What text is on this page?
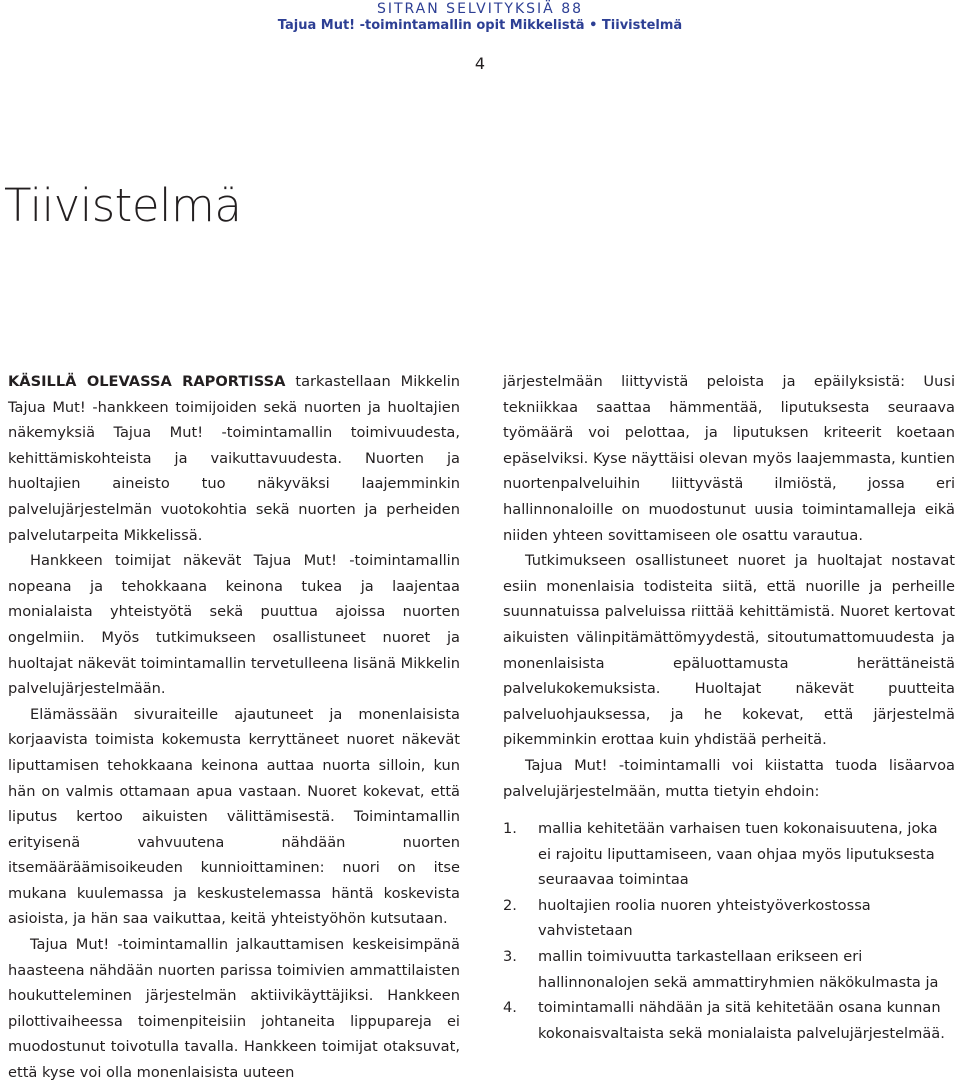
SITRAN SELVITYKSIÄ 88
Tajua Mut! -toimintamallin opit Mikkelistä • Tiivistelmä
4
Tiivistelmä

KÄSILLÄ OLEVASSA RAPORTISSA tarkastellaan Mikkelin Tajua Mut! -hankkeen toimijoiden sekä nuorten ja huoltajien näkemyksiä Tajua Mut! -toimintamallin toimivuudesta, kehittämiskohteista ja vaikuttavuudesta. Nuorten ja huoltajien aineisto tuo näkyväksi laajemminkin palvelujärjestelmän vuotokohtia sekä nuorten ja perheiden palvelutarpeita Mikkelissä.

Hankkeen toimijat näkevät Tajua Mut! -toimintamallin nopeana ja tehokkaana keinona tukea ja laajentaa monialaista yhteistyötä sekä puuttua ajoissa nuorten ongelmiin. Myös tutkimukseen osallistuneet nuoret ja huoltajat näkevät toimintamallin tervetulleena lisänä Mikkelin palvelujärjestelmään.

Elämässään sivuraiteille ajautuneet ja monenlaisista korjaavista toimista kokemusta kerryttäneet nuoret näkevät liputtamisen tehokkaana keinona auttaa nuorta silloin, kun hän on valmis ottamaan apua vastaan. Nuoret kokevat, että liputus kertoo aikuisten välittämisestä. Toimintamallin erityisenä vahvuutena nähdään nuorten itsemääräämisoikeuden kunnioittaminen: nuori on itse mukana kuulemassa ja keskustelemassa häntä koskevista asioista, ja hän saa vaikuttaa, keitä yhteistyöhön kutsutaan.

Tajua Mut! -toimintamallin jalkauttamisen keskeisimpänä haasteena nähdään nuorten parissa toimivien ammattilaisten houkutteleminen järjestelmän aktiivikäyttäjiksi. Hankkeen pilottivaiheessa toimenpiteisiin johtaneita lippupareja ei muodostunut toivotulla tavalla. Hankkeen toimijat otaksuvat, että kyse voi olla monenlaisista uuteen

järjestelmään liittyvistä peloista ja epäilyksistä: Uusi tekniikkaa saattaa hämmentää, liputuksesta seuraava työmäärä voi pelottaa, ja liputuksen kriteerit koetaan epäselviksi. Kyse näyttäisi olevan myös laajemmasta, kuntien nuortenpalveluihin liittyvästä ilmiöstä, jossa eri hallinnonaloille on muodostunut uusia toimintamalleja eikä niiden yhteen sovittamiseen ole osattu varautua.

Tutkimukseen osallistuneet nuoret ja huoltajat nostavat esiin monenlaisia todisteita siitä, että nuorille ja perheille suunnatuissa palveluissa riittää kehittämistä. Nuoret kertovat aikuisten välinpitämättömyydestä, sitoutumattomuudesta ja monenlaisista epäluottamusta herättäneistä palvelukokemuksista. Huoltajat näkevät puutteita palveluohjauksessa, ja he kokevat, että järjestelmä pikemminkin erottaa kuin yhdistää perheitä.

Tajua Mut! -toimintamalli voi kiistatta tuoda lisäarvoa palvelujärjestelmään, mutta tietyin ehdoin:

1. mallia kehitetään varhaisen tuen kokonaisuutena, joka ei rajoitu liputtamiseen, vaan ohjaa myös liputuksesta seuraavaa toimintaa
2. huoltajien roolia nuoren yhteistyöverkostossa vahvistetaan
3. mallin toimivuutta tarkastellaan erikseen eri hallinnonalojen sekä ammattiryhmien näkökulmasta ja
4. toimintamalli nähdään ja sitä kehitetään osana kunnan kokonaisvaltaista sekä monialaista palvelujärjestelmää.
